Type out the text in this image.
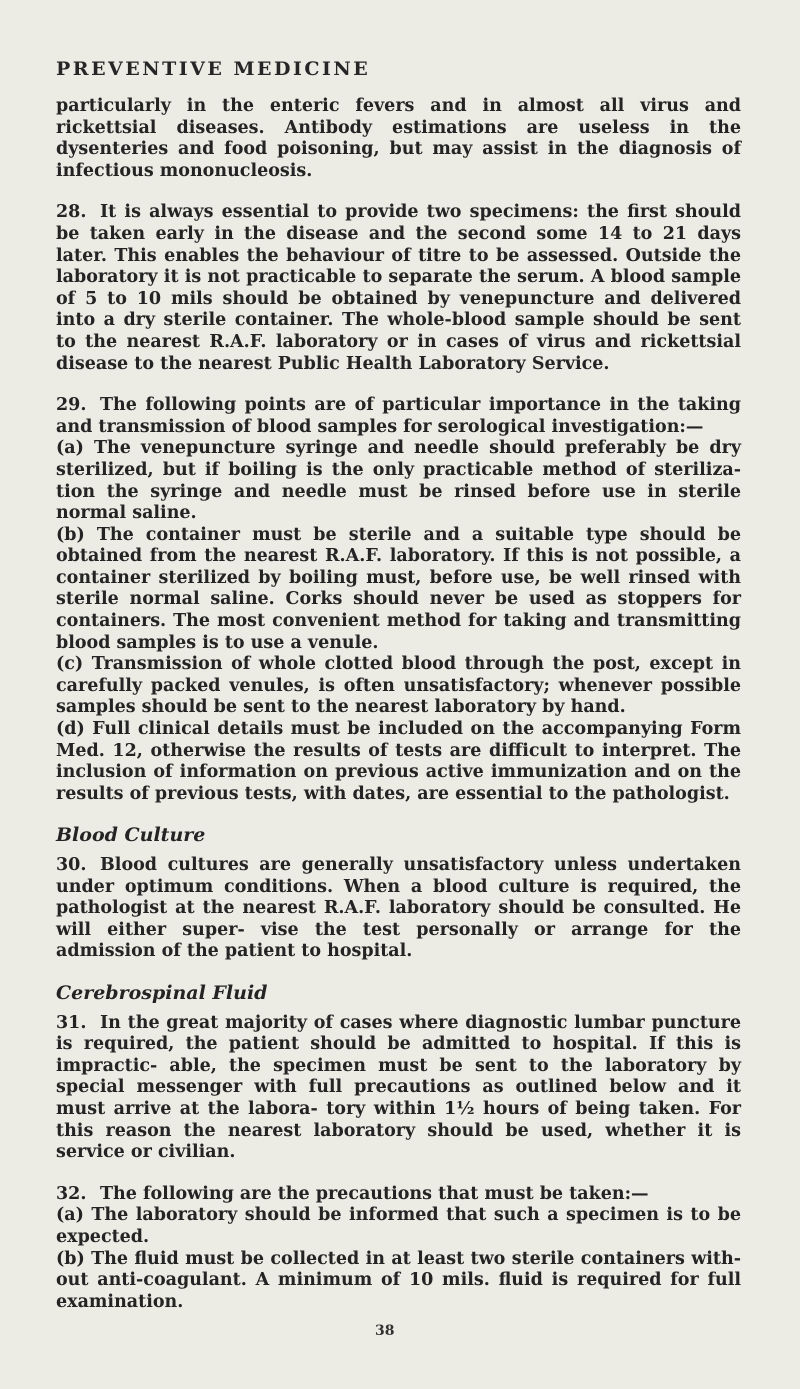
PREVENTIVE MEDICINE

particularly in the enteric fevers and in almost all virus and rickettsial diseases. Antibody estimations are useless in the dysenteries and food poisoning, but may assist in the diagnosis of infectious mononucleosis.

28. It is always essential to provide two specimens: the first should be taken early in the disease and the second some 14 to 21 days later. This enables the behaviour of titre to be assessed. Outside the laboratory it is not practicable to separate the serum. A blood sample of 5 to 10 mils should be obtained by venepuncture and delivered into a dry sterile container. The whole-blood sample should be sent to the nearest R.A.F. laboratory or in cases of virus and rickettsial disease to the nearest Public Health Laboratory Service.

29. The following points are of particular importance in the taking and transmission of blood samples for serological investigation:—

(a) The venepuncture syringe and needle should preferably be dry sterilized, but if boiling is the only practicable method of steriliza- tion the syringe and needle must be rinsed before use in sterile normal saline.

(b) The container must be sterile and a suitable type should be obtained from the nearest R.A.F. laboratory. If this is not possible, a container sterilized by boiling must, before use, be well rinsed with sterile normal saline. Corks should never be used as stoppers for containers. The most convenient method for taking and transmitting blood samples is to use a venule.

(c) Transmission of whole clotted blood through the post, except in carefully packed venules, is often unsatisfactory; whenever possible samples should be sent to the nearest laboratory by hand.

(d) Full clinical details must be included on the accompanying Form Med. 12, otherwise the results of tests are difficult to interpret. The inclusion of information on previous active immunization and on the results of previous tests, with dates, are essential to the pathologist.

Blood Culture

30. Blood cultures are generally unsatisfactory unless undertaken under optimum conditions. When a blood culture is required, the pathologist at the nearest R.A.F. laboratory should be consulted. He will either super- vise the test personally or arrange for the admission of the patient to hospital.

Cerebrospinal Fluid

31. In the great majority of cases where diagnostic lumbar puncture is required, the patient should be admitted to hospital. If this is impractic- able, the specimen must be sent to the laboratory by special messenger with full precautions as outlined below and it must arrive at the labora- tory within 1½ hours of being taken. For this reason the nearest laboratory should be used, whether it is service or civilian.

32. The following are the precautions that must be taken:—

(a) The laboratory should be informed that such a specimen is to be expected.

(b) The fluid must be collected in at least two sterile containers with- out anti-coagulant. A minimum of 10 mils. fluid is required for full examination.

38
